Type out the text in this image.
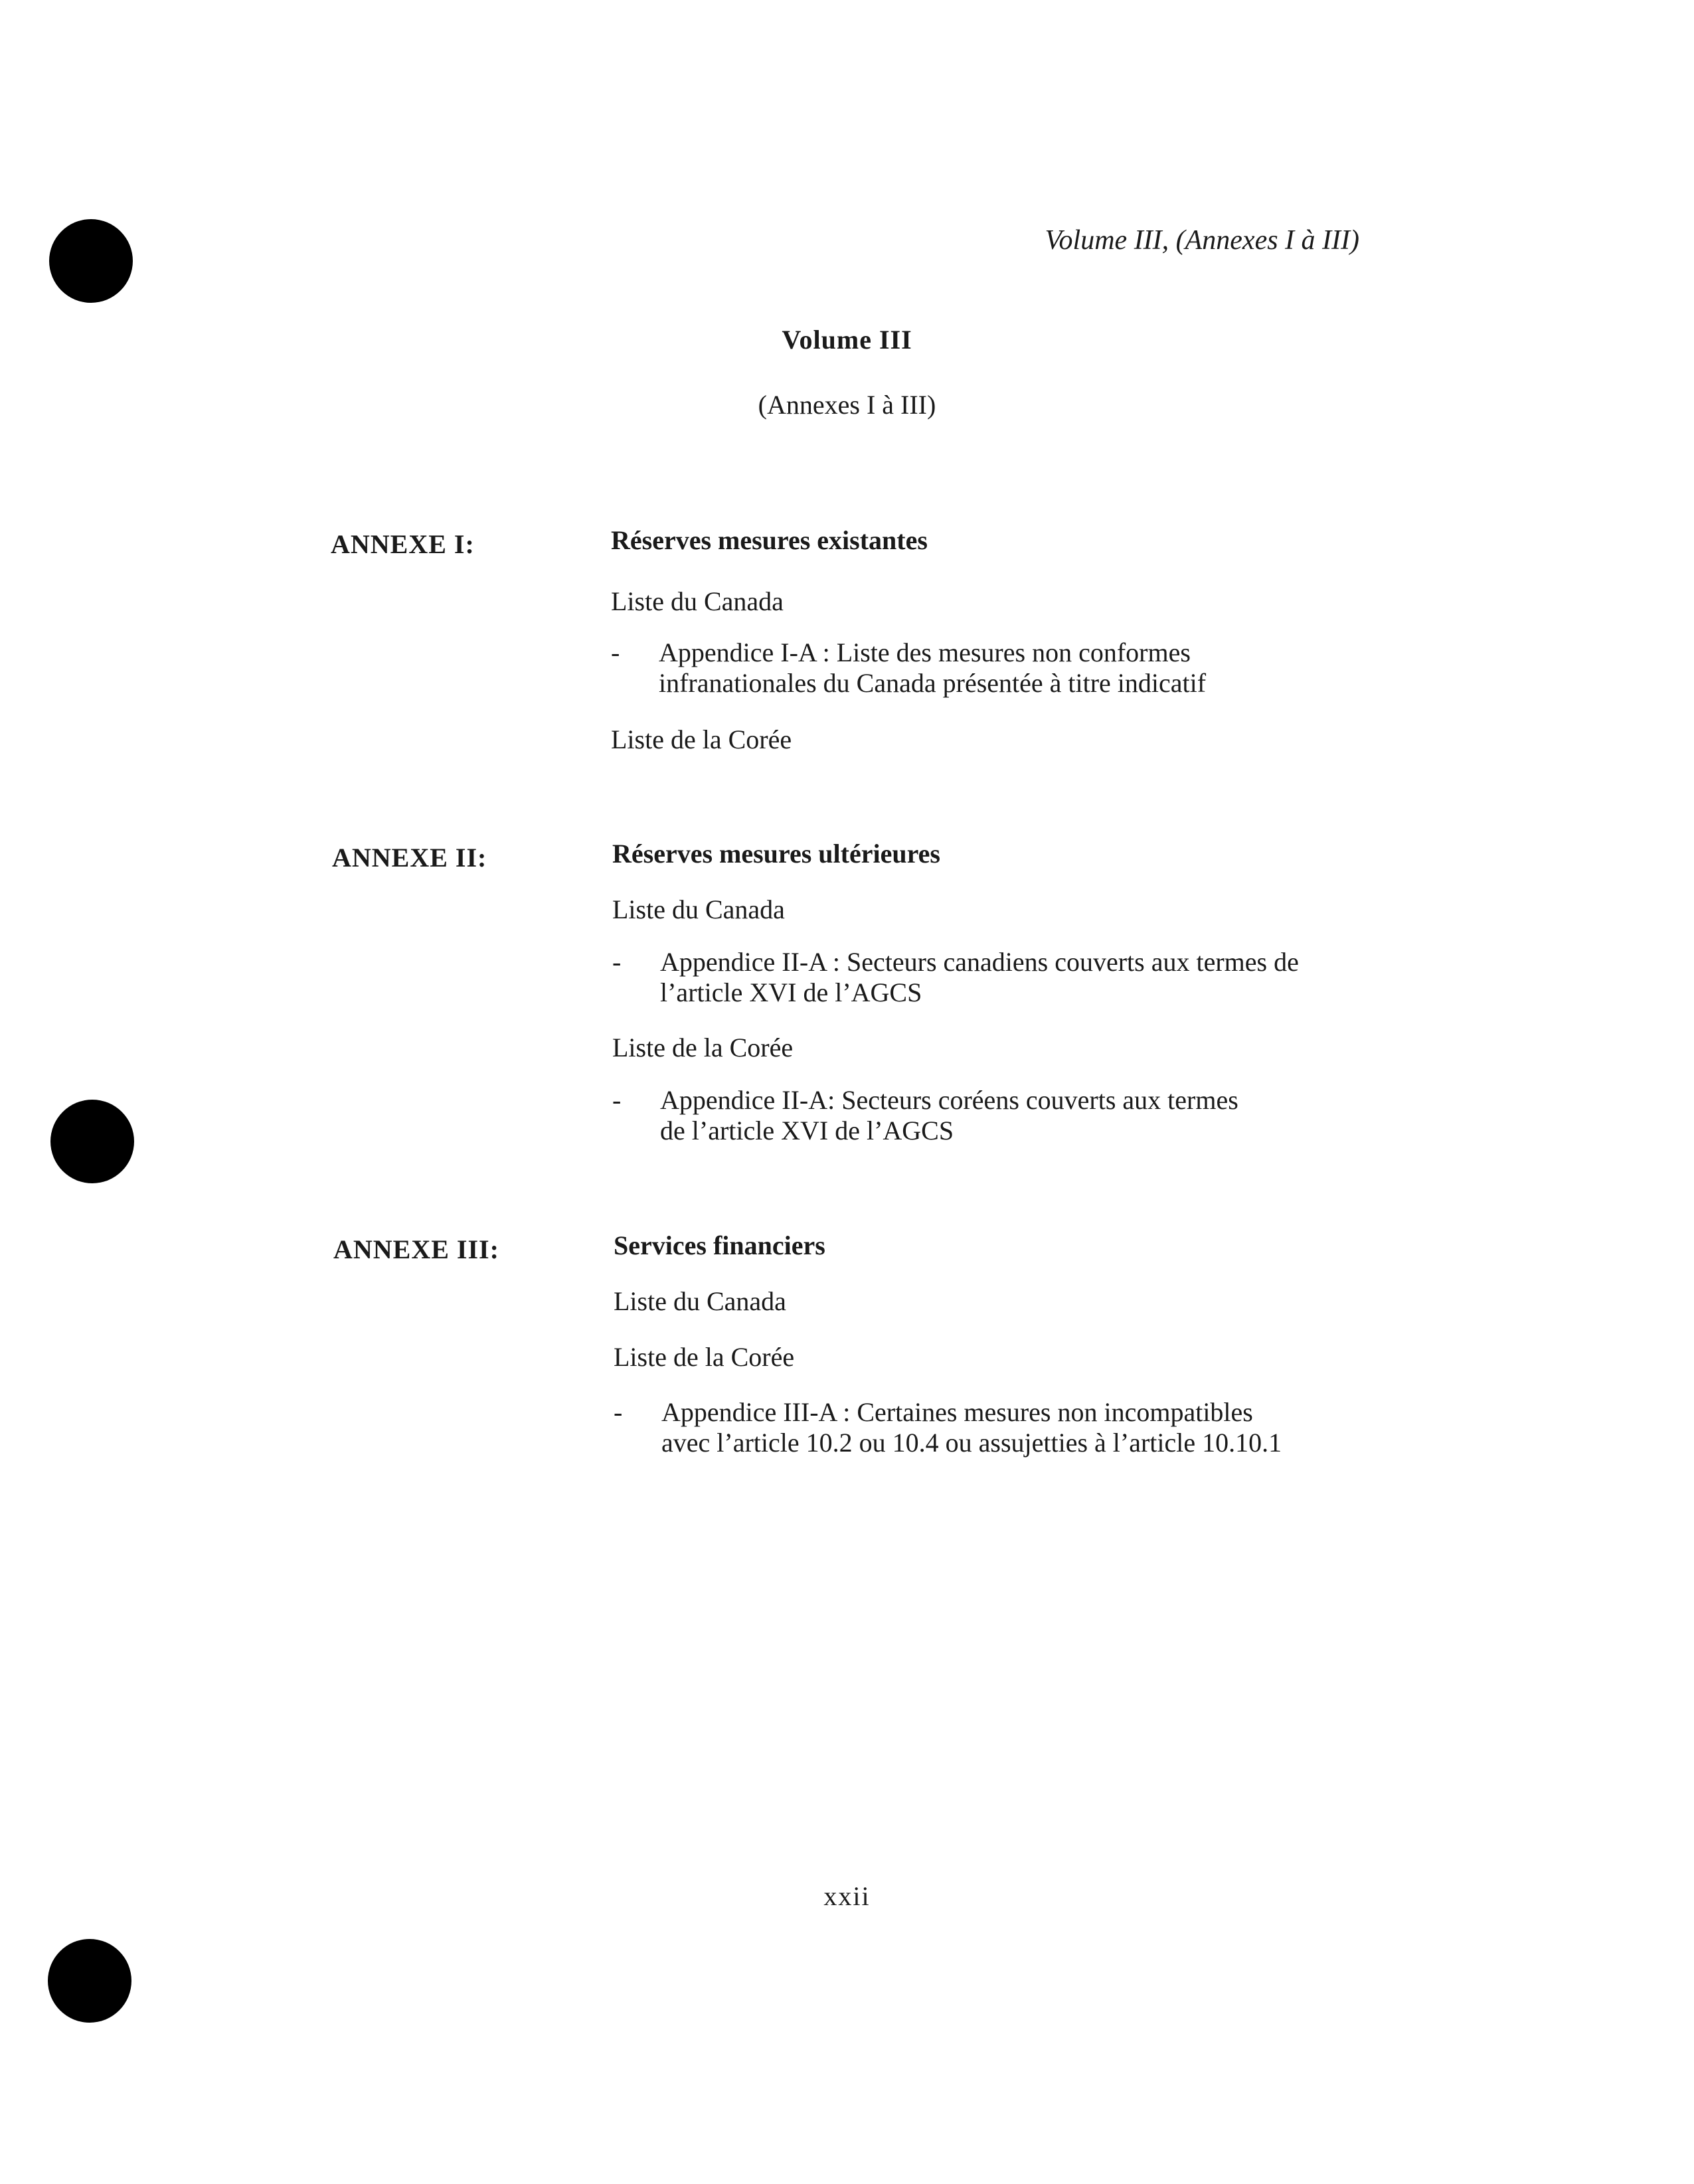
Volume III, (Annexes I à III)
Volume III
(Annexes I à III)
ANNEXE I:	Réserves mesures existantes

Liste du Canada

- Appendice I-A : Liste des mesures non conformes
infranationales du Canada présentée à titre indicatif

Liste de la Corée

ANNEXE II:	Réserves mesures ultérieures

Liste du Canada

- Appendice II-A : Secteurs canadiens couverts aux termes de
l’article XVI de l’AGCS

Liste de la Corée

- Appendice II-A: Secteurs coréens couverts aux termes
de l’article XVI de l’AGCS
ANNEXE III:	Services financiers

Liste du Canada

Liste de la Corée

- Appendice III-A : Certaines mesures non incompatibles
avec l’article 10.2 ou 10.4 ou assujetties à l’article 10.10.1
xxii
